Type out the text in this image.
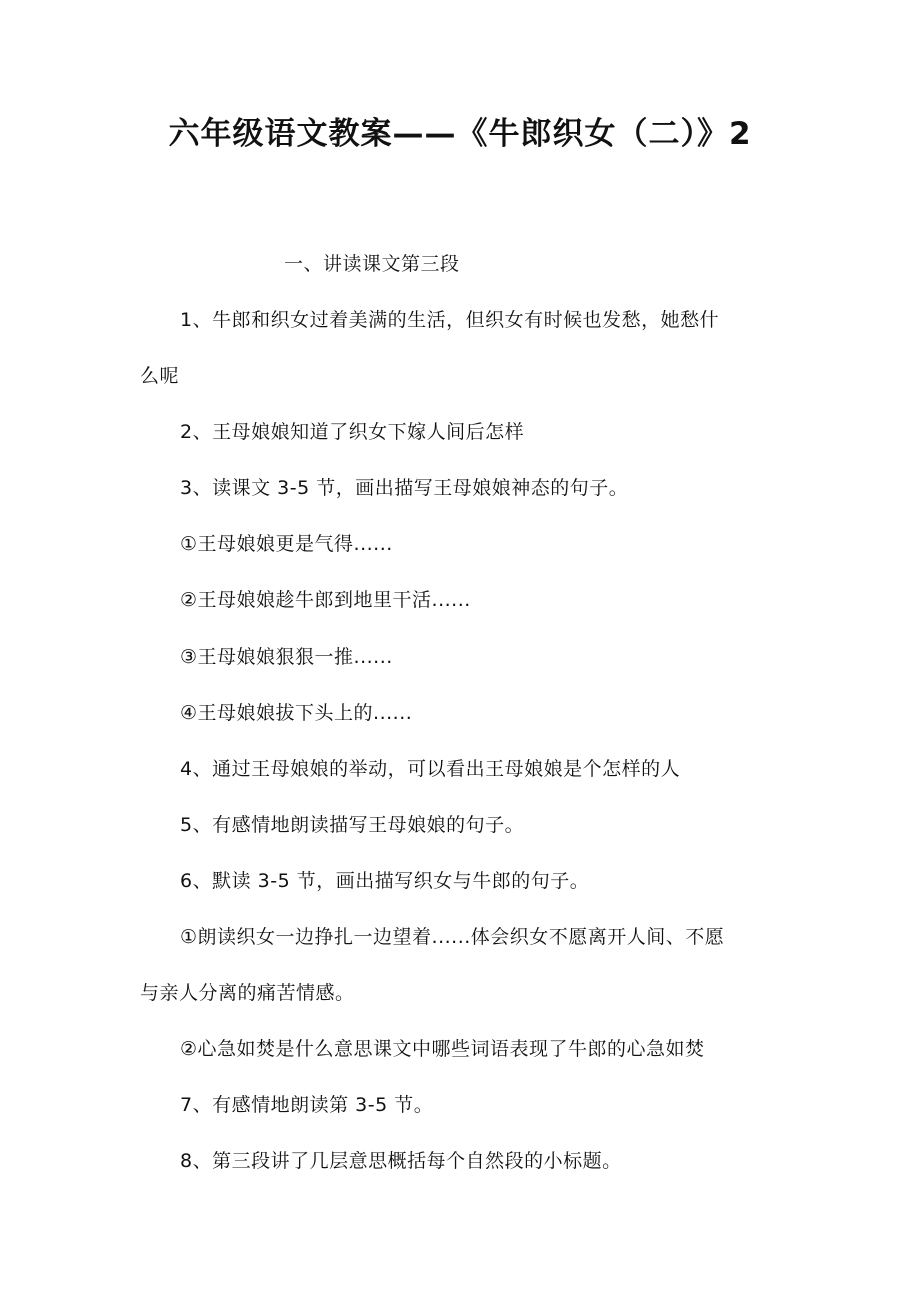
六年级语文教案——《牛郎织女（二）》2
一、讲读课文第三段
1、牛郎和织女过着美满的生活，但织女有时候也发愁，她愁什
么呢
2、王母娘娘知道了织女下嫁人间后怎样
3、读课文 3-5 节，画出描写王母娘娘神态的句子。
①王母娘娘更是气得......
②王母娘娘趁牛郎到地里干活......
③王母娘娘狠狠一推......
④王母娘娘拔下头上的......
4、通过王母娘娘的举动，可以看出王母娘娘是个怎样的人
5、有感情地朗读描写王母娘娘的句子。
6、默读 3-5 节，画出描写织女与牛郎的句子。
①朗读织女一边挣扎一边望着......体会织女不愿离开人间、不愿
与亲人分离的痛苦情感。
②心急如焚是什么意思课文中哪些词语表现了牛郎的心急如焚
7、有感情地朗读第 3-5 节。
8、第三段讲了几层意思概括每个自然段的小标题。
